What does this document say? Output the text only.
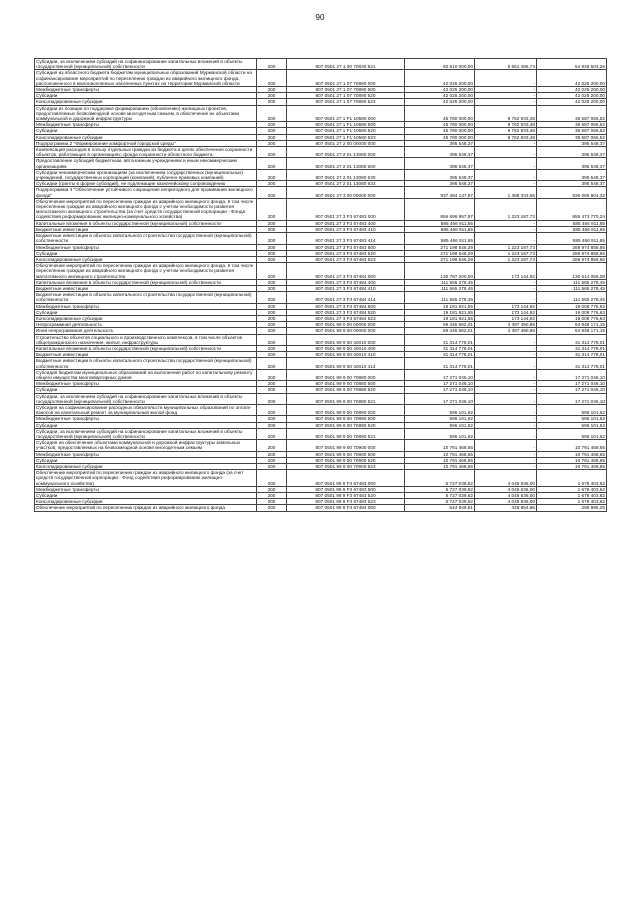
90
Субсидии, за исключением субсидий на софинансирование капитальных вложений в объекты государственной (муниципальной) собственности	200	807 0501 27 1 00 70830 521	60 610 000,00	5 661 496,74	54 948 503,26
Субсидия из областного бюджета бюджетам муниципальных образований Мурманской области на софинансирование мероприятий по переселению граждан из аварийного жилищного фонда, расположенного в малонаселенных населенных пунктах на территории Мурманской области	200	807 0501 27 1 07 70890 000	42 025 200,00	-	42 025 200,00
Межбюджетные трансферты	200	807 0501 27 1 07 70890 500	42 025 200,00	-	42 025 200,00
Субсидии	200	807 0501 27 1 07 70890 520	42 025 200,00	-	42 025 200,00
Консолидированные субсидии	200	807 0501 27 1 07 70890 523	42 025 200,00	-	42 025 200,00
Субсидии из позиции по поддержке формированию (обновлению) жилищных проектов, предоставляемых безвозмездной основе многодетным семьям, в обеспечение их объектами коммунальной и дорожной инфраструктуры	200	807 0501 27 1 F1 10580 000	45 780 000,00	9 762 933,48	35 687 066,52
Межбюджетные трансферты	200	807 0501 27 1 F1 10580 500	45 780 000,00	9 762 933,48	35 687 066,52
Субсидии	200	807 0501 27 1 F1 10580 520	45 780 000,00	9 762 933,48	35 687 066,52
Консолидированные субсидии	200	807 0501 27 1 F1 10580 523	45 780 000,00	9 762 933,48	35 687 066,52
Подпрограмма 2 "Формирование комфортной городской среды"	200	807 0501 27 2 00 00000 000	395 548,37	-	395 548,37
Компенсация расходов в пользу отдельных граждан из бюджета в целях обеспечения сохранности объектов, работающих в организациях; фонда сохранности областного бюджета	200	807 0501 27 2 01 13080 000	395 548,37	-	395 548,37
Предоставление субсидий бюджетным, автономным учреждениям и иным некоммерческим организациям	200	807 0501 27 2 01 13080 600	395 548,37	-	395 548,37
Субсидии некоммерческим организациям (за исключением государственных (муниципальных) учреждений, государственных корпораций (компаний), публично-правовых компаний)	200	807 0501 27 2 01 13080 630	395 548,37	-	395 548,37
Субсидии (гранты в форме субсидий), не подлежащие казначейскому сопровождению	200	807 0501 27 2 01 13080 633	395 548,37	-	395 548,37
Подпрограмма 3 "Обеспечение устойчивого сокращения непригодного для проживания жилищного фонда"	200	807 0501 27 3 00 00000 000	937 484 137,97	1 398 333,65	936 085 804,32
Обеспечение мероприятий по переселению граждан из аварийного жилищного фонда, в том числе переселению граждан из аварийного жилищного фонда с учетом необходимости развития малоэтажного жилищного строительства (за счет средств государственной корпорации - Фонда содействия реформированию жилищно-коммунального хозяйства)	200	807 0501 27 3 F3 67483 000	856 696 957,97	1 223 187,73	855 473 770,24
Капитальные вложения в объекты государственной (муниципальной) собственности	200	807 0501 27 3 F3 67483 400	585 466 911,65	-	585 466 911,65
Бюджетные инвестиции	200	807 0501 27 3 F3 67483 410	585 466 911,65	-	585 466 911,65
Бюджетные инвестиции в объекты капитального строительства государственной (муниципальной) собственности	200	807 0501 27 3 F3 67483 414	585 466 911,65	-	585 466 911,65
Межбюджетные трансферты	200	807 0501 27 3 F3 67483 500	271 198 546,29	1 223 187,73	269 974 858,56
Субсидии	200	807 0501 27 3 F3 67483 520	271 198 546,29	1 223 187,73	269 974 858,56
Консолидированные субсидии	200	807 0501 27 3 F3 67483 523	271 198 546,29	1 223 187,73	269 974 858,56
Обеспечение мероприятий по переселению граждан из аварийного жилищного фонда, в том числе переселению граждан из аварийного жилищного фонда с учетом необходимости развития малоэтажного жилищного строительства	200	807 0501 27 3 F3 67484 000	130 787 200,00	173 144,92	130 614 055,08
Капитальные вложения в объекты государственной (муниципальной) собственности	200	807 0501 27 3 F3 67484 400	111 565 278,45	-	111 565 278,45
Бюджетные инвестиции	200	807 0501 27 3 F3 67484 410	111 565 278,45	-	111 565 278,45
Бюджетные инвестиции в объекты капитального строительства государственной (муниципальной) собственности	200	807 0501 27 3 F3 67484 414	111 565 278,45	-	111 565 278,45
Межбюджетные трансферты	200	807 0501 27 3 F3 67484 500	19 181 921,55	173 144,92	19 008 776,63
Субсидии	200	807 0501 27 3 F3 67484 520	19 181 921,55	173 144,92	19 008 776,63
Консолидированные субсидии	200	807 0501 27 3 F3 67484 523	19 181 921,55	173 144,92	19 008 776,63
Непрограммная деятельность	200	807 0501 99 0 00 00000 000	69 345 662,01	4 397 490,86	64 948 171,15
Иная непрограммная деятельность	200	807 0501 99 9 00 00000 000	69 345 662,01	4 397 490,86	64 948 171,15
Строительство объектов социального и производственного комплексов, в том числе объектов общегражданского назначения, жилья, инфраструктуры	200	807 0501 99 9 00 40010 000	31 314 778,01	-	31 314 778,01
Капитальные вложения в объекты государственной (муниципальной) собственности	200	807 0501 99 9 00 40010 400	31 314 778,01	-	31 314 778,01
Бюджетные инвестиции	200	807 0501 99 9 00 40010 410	31 314 778,01	-	31 314 778,01
Бюджетные инвестиции в объекты капитального строительства государственной (муниципальной) собственности	200	807 0501 99 9 00 40010 414	31 314 778,01	-	31 314 778,01
Субсидия бюджетам муниципальных образований на выполнение работ по капитальному ремонту общего имущества многоквартирных домов	200	807 0501 99 9 00 70880 000	17 271 046,10	-	17 271 046,10
Межбюджетные трансферты	200	807 0501 99 9 00 70880 500	17 271 046,10	-	17 271 046,10
Субсидии	200	807 0501 99 9 00 70880 520	17 271 046,10	-	17 271 046,10
Субсидии, за исключением субсидий на софинансирование капитальных вложений в объекты государственной (муниципальной) собственности	200	807 0501 99 9 00 70880 521	17 271 046,10	-	17 271 046,10
Субсидия на софинансирование расходных обязательств муниципальных образований по оплате взносов на капитальный ремонт за муниципальный жилой фонд	200	807 0501 99 9 00 70890 000	596 101,62	-	596 101,62
Межбюджетные трансферты	200	807 0501 99 9 00 70890 500	596 101,62	-	596 101,62
Субсидии	200	807 0501 99 9 00 70890 520	596 101,62	-	596 101,62
Субсидии, за исключением субсидий на софинансирование капитальных вложений в объекты государственной (муниципальной) собственности	200	807 0501 99 9 00 70890 521	596 101,62	-	596 101,62
Субсидия на обеспечение объектами коммунальной и дорожной инфраструктуры земельных участков, предоставляемых на безвозмездной основе многодетным семьям	200	807 0501 99 9 00 70900 000	10 791 468,65	-	10 791 468,65
Межбюджетные трансферты	200	807 0501 99 9 00 70900 500	10 791 468,65	-	10 791 468,65
Субсидии	200	807 0501 99 9 00 70900 520	10 791 468,65	-	10 791 468,65
Консолидированные субсидии	200	807 0501 99 9 00 70900 523	10 791 468,65	-	10 791 468,65
Обеспечение мероприятий по переселению граждан из аварийного жилищного фонда (за счет средств государственной корпорации - Фонд содействия реформированию жилищно-коммунального хозяйства)	200	807 0501 99 9 F3 67483 000	5 727 039,62	4 048 636,00	1 678 403,62
Межбюджетные трансферты	200	807 0501 99 9 F3 67483 500	5 727 039,62	4 048 636,00	1 678 403,62
Субсидии	200	807 0501 99 9 F3 67483 520	5 727 039,62	4 048 636,00	1 678 403,62
Консолидированные субсидии	200	807 0501 99 9 F3 67483 523	5 727 039,62	4 048 636,00	1 678 403,62
Обеспечение мероприятий по переселению граждан из аварийного жилищного фонда	200	807 0501 99 9 F3 67484 000	644 849,61	348 854,86	295 995,25
